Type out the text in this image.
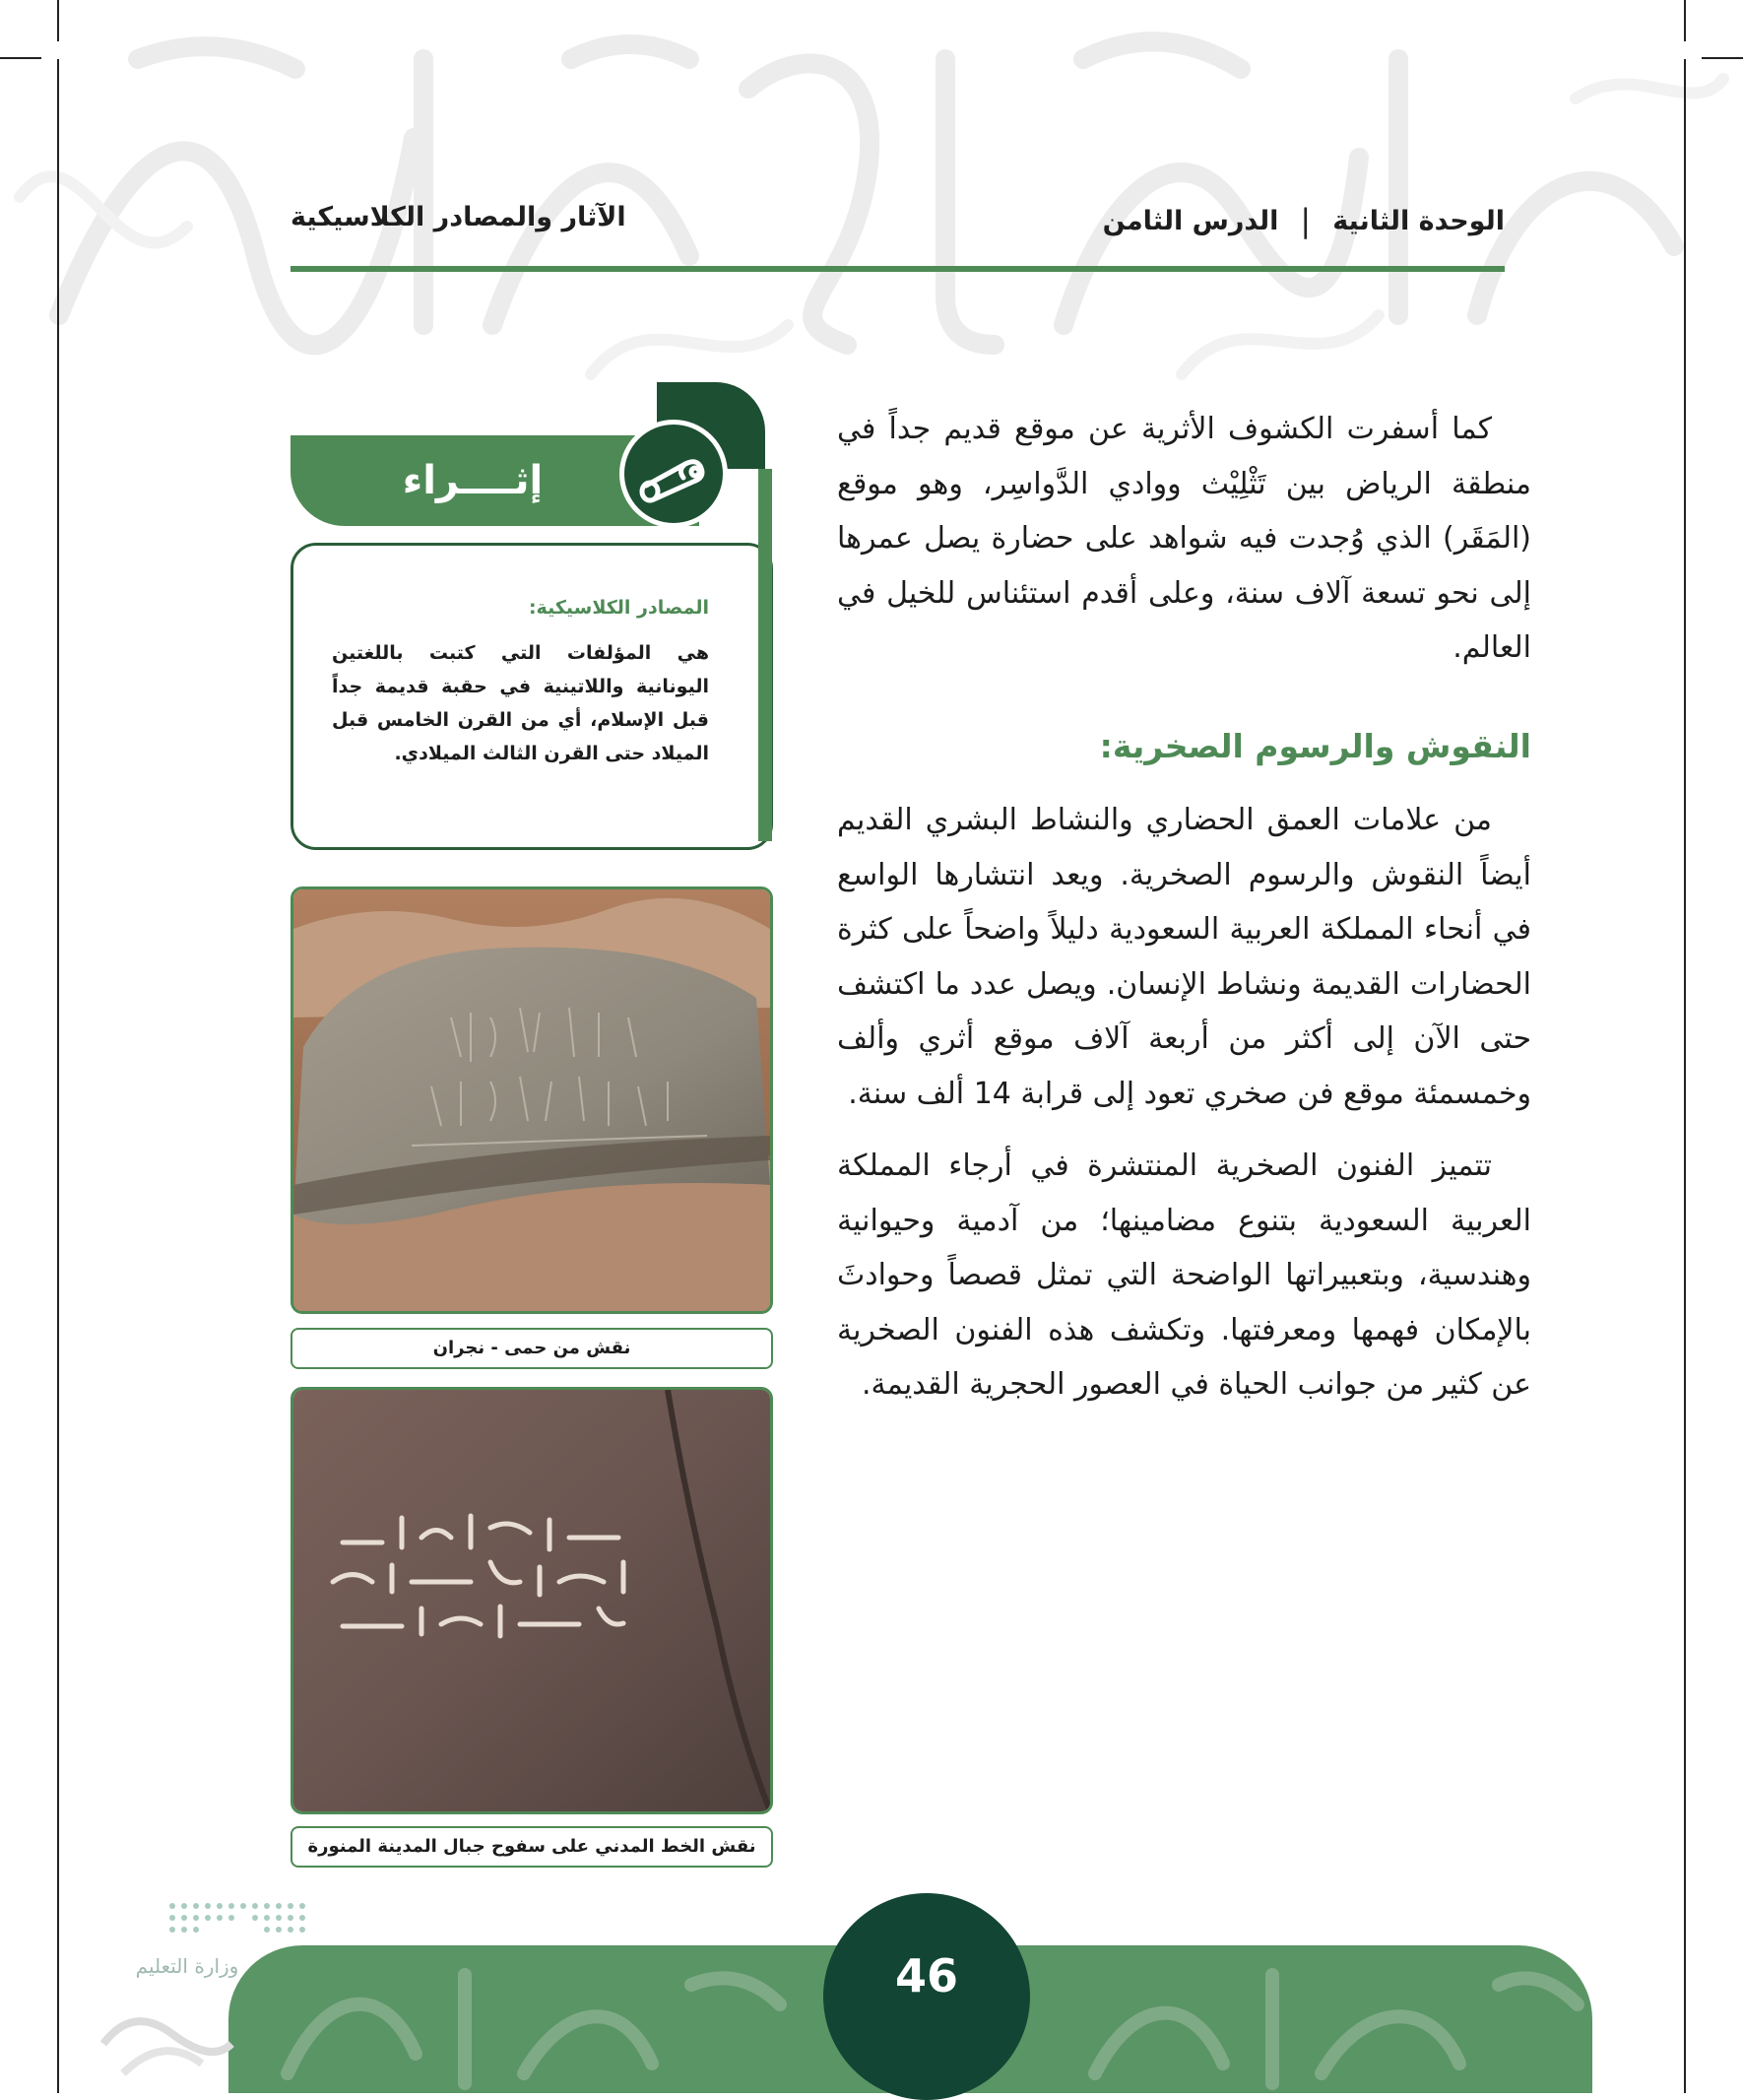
الوحدة الثانية
|
الدرس الثامن
الآثار والمصادر الكلاسيكية

كما أسفرت الكشوف الأثرية عن موقع قديم جداً في منطقة الرياض بين تَثْلِيْث ووادي الدَّواسِر، وهو موقع (المَقَر) الذي وُجدت فيه شواهد على حضارة يصل عمرها إلى نحو تسعة آلاف سنة، وعلى أقدم استئناس للخيل في العالم.

النقوش والرسوم الصخرية:

من علامات العمق الحضاري والنشاط البشري القديم أيضاً النقوش والرسوم الصخرية. ويعد انتشارها الواسع في أنحاء المملكة العربية السعودية دليلاً واضحاً على كثرة الحضارات القديمة ونشاط الإنسان. ويصل عدد ما اكتشف حتى الآن إلى أكثر من أربعة آلاف موقع أثري وألف وخمسمئة موقع فن صخري تعود إلى قرابة 14 ألف سنة.

تتميز الفنون الصخرية المنتشرة في أرجاء المملكة العربية السعودية بتنوع مضامينها؛ من آدمية وحيوانية وهندسية، وبتعبيراتها الواضحة التي تمثل قصصاً وحوادثَ بالإمكان فهمها ومعرفتها. وتكشف هذه الفنون الصخرية عن كثير من جوانب الحياة في العصور الحجرية القديمة.

المصادر الكلاسيكية:

هي المؤلفات التي كتبت باللغتين اليونانية واللاتينية في حقبة قديمة جداً قبل الإسلام، أي من القرن الخامس قبل الميلاد حتى القرن الثالث الميلادي.

إثــــراء
نقش من حمى - نجران
نقش الخط المدني على سفوح جبال المدينة المنورة
46
وزارة التعليم
